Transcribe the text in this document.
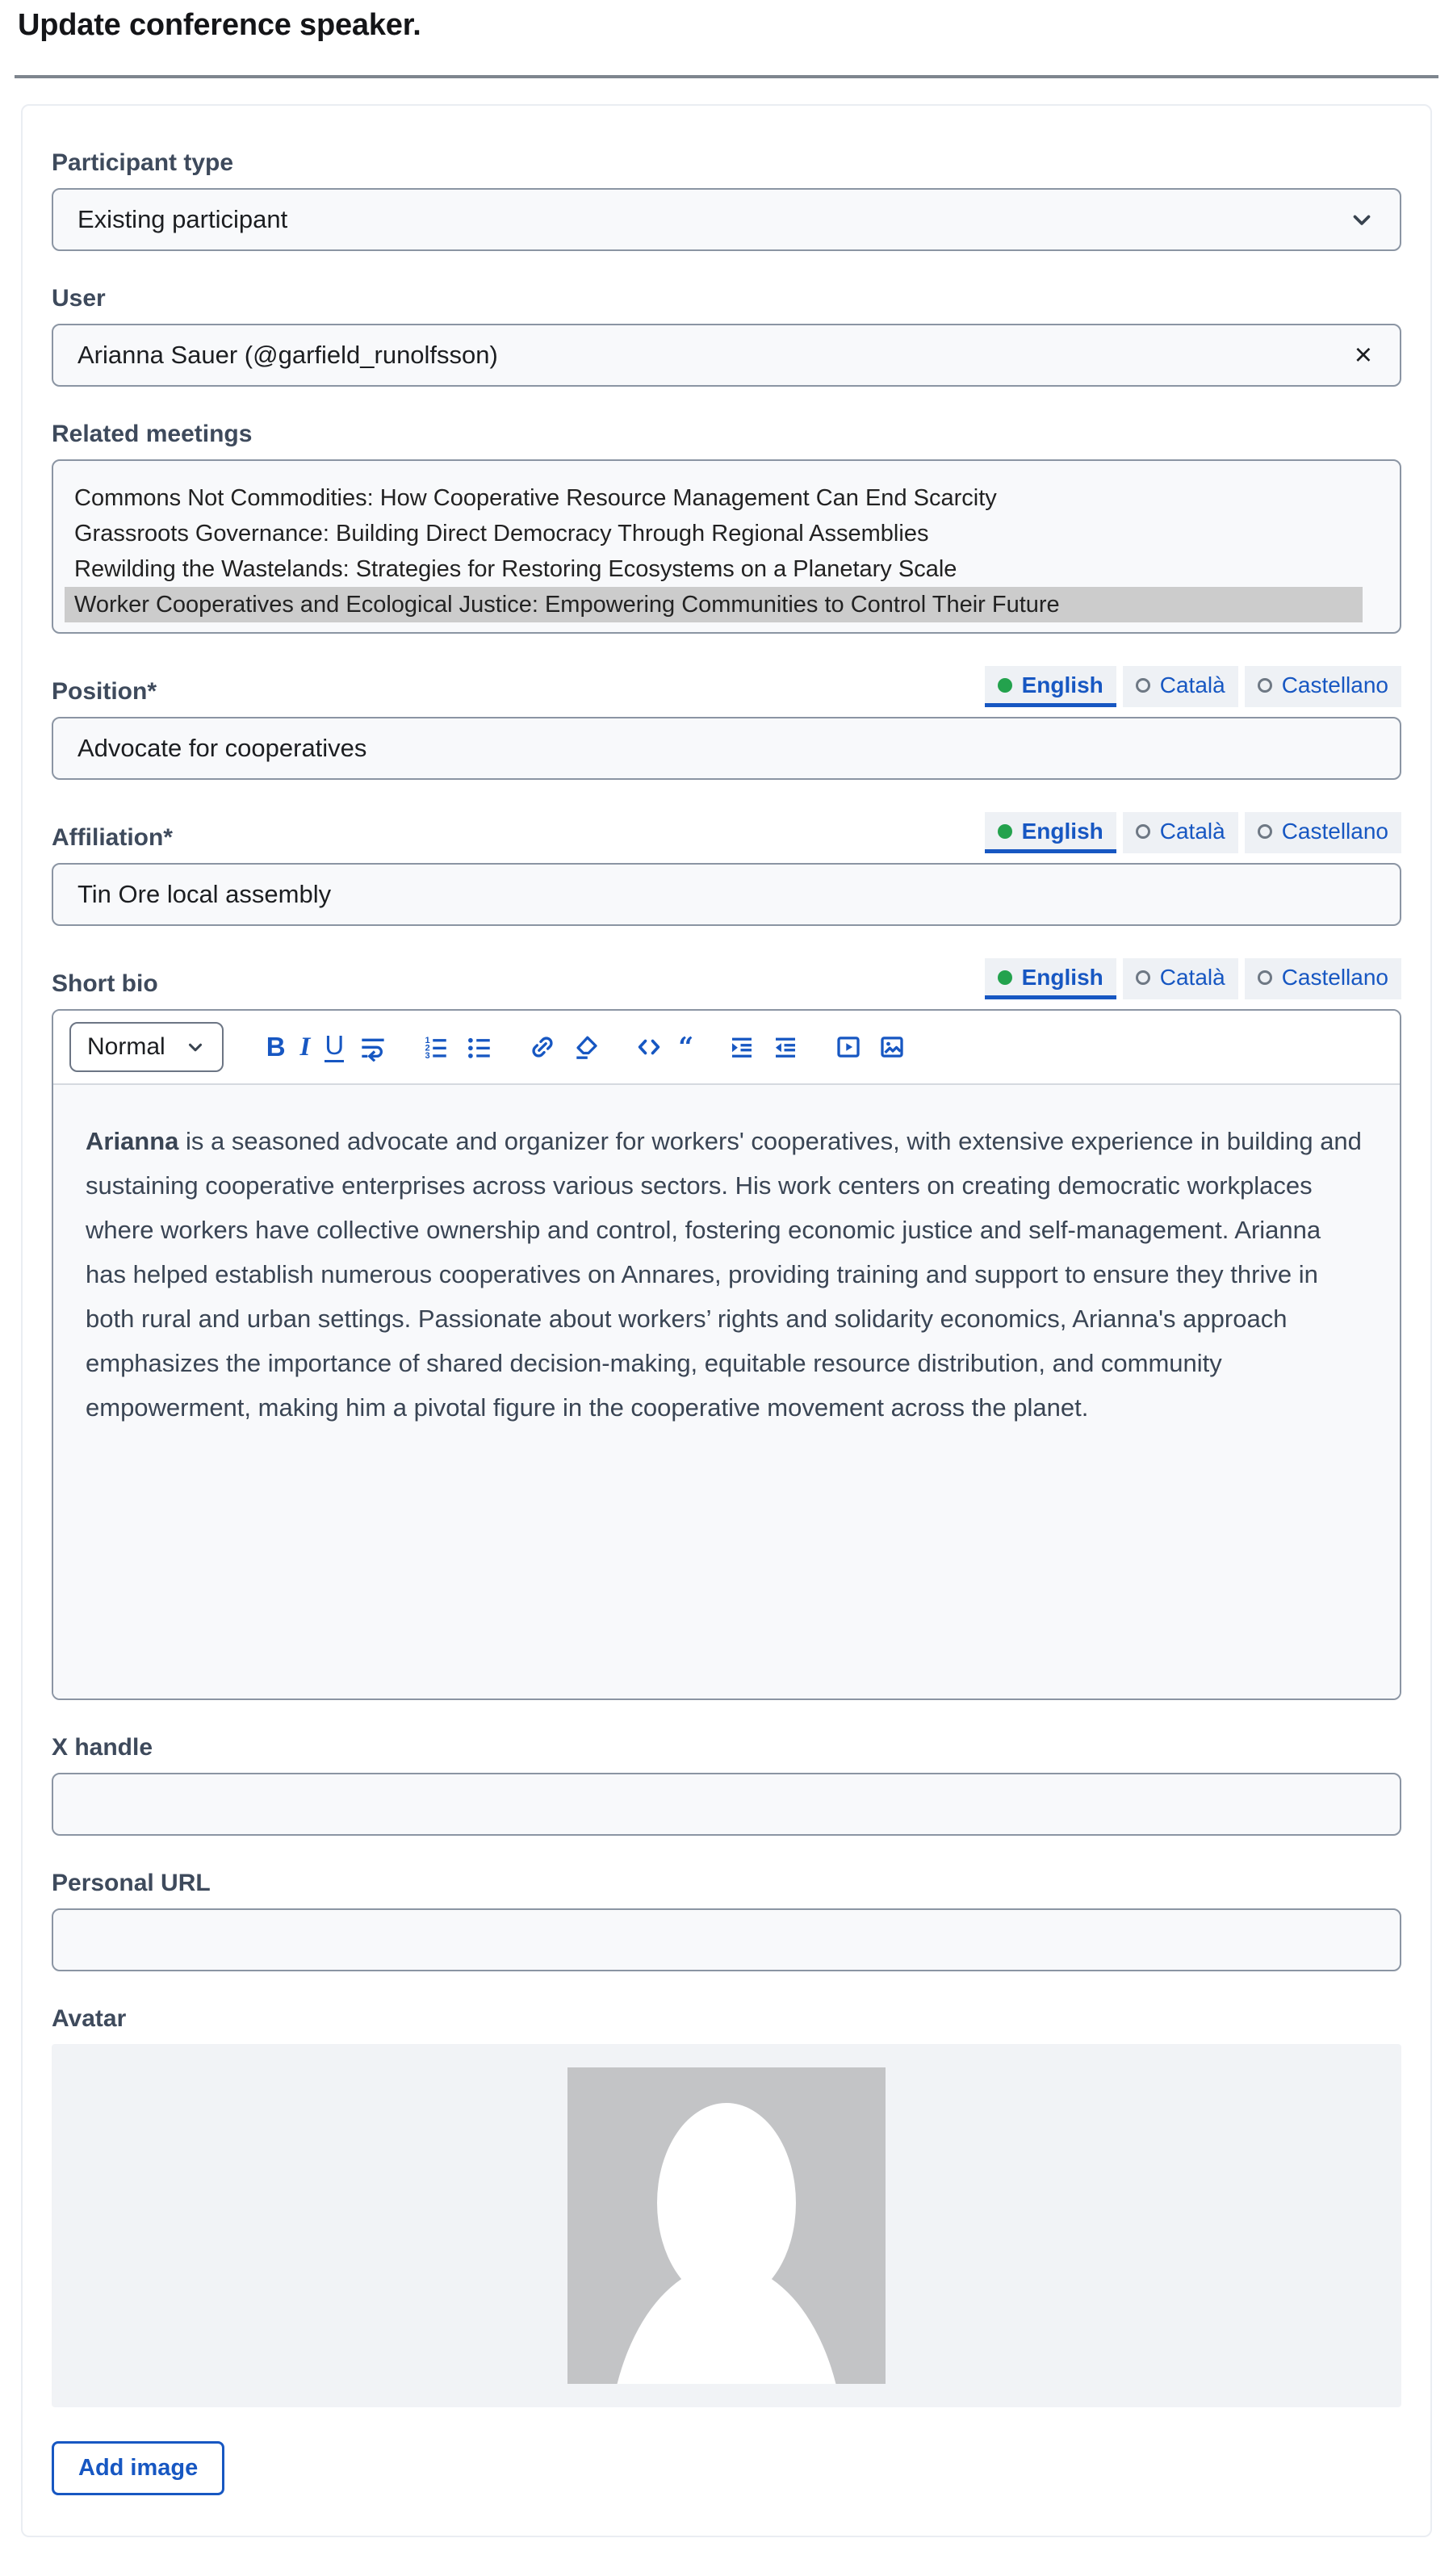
Update conference speaker.
Participant type
Existing participant
User
Arianna Sauer (@garfield_runolfsson)	×
Related meetings
Commons Not Commodities: How Cooperative Resource Management Can End Scarcity
Grassroots Governance: Building Direct Democracy Through Regional Assemblies
Rewilding the Wastelands: Strategies for Restoring Ecosystems on a Planetary Scale
Worker Cooperatives and Ecological Justice: Empowering Communities to Control Their Future
Position*	English	Català	Castellano
Advocate for cooperatives
Affiliation*	English	Català	Castellano
Tin Ore local assembly
Short bio	English	Català	Castellano
Normal	B I U	1
2
3	“

Arianna is a seasoned advocate and organizer for workers' cooperatives, with extensive experience in building and sustaining cooperative enterprises across various sectors. His work centers on creating democratic workplaces where workers have collective ownership and control, fostering economic justice and self-management. Arianna has helped establish numerous cooperatives on Annares, providing training and support to ensure they thrive in both rural and urban settings. Passionate about workers’ rights and solidarity economics, Arianna's approach emphasizes the importance of shared decision-making, equitable resource distribution, and community empowerment, making him a pivotal figure in the cooperative movement across the planet.

X handle
Personal URL
Avatar
Add image
